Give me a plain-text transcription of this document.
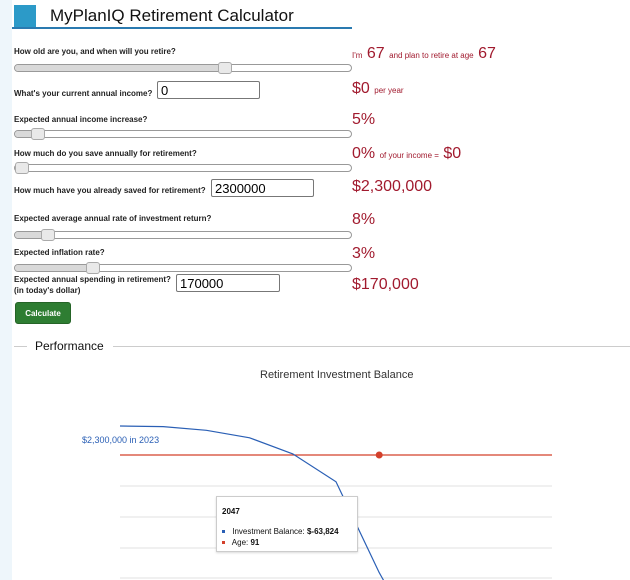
MyPlanIQ Retirement Calculator
How old are you, and when will you retire?	I'm 67 and plan to retire at age 67
What's your current annual income?
0	$0 per year
Expected annual income increase?	5%
How much do you save annually for retirement?	0% of your income = $0
How much have you already saved for retirement?
2300000	$2,300,000
Expected average annual rate of investment return?	8%
Expected inflation rate?	3%
Expected annual spending in retirement?
(in today's dollar)
170000	$170,000
Calculate
Performance
Retirement Investment Balance
$2,300,000 in 2023
2047
Investment Balance: $-63,824
Age: 91
